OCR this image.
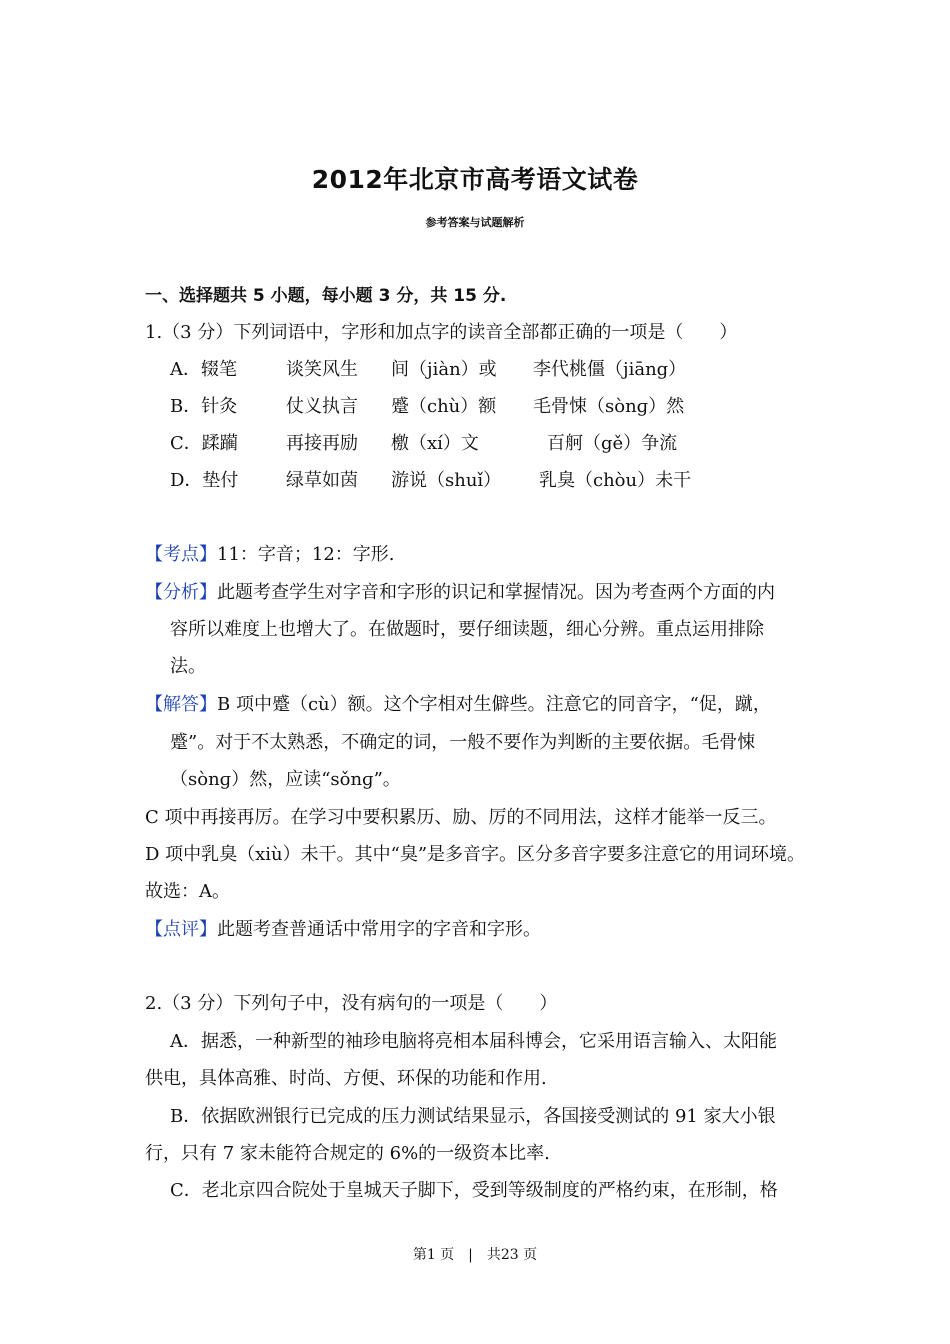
2012年北京市高考语文试卷
参考答案与试题解析
一、选择题共 5 小题，每小题 3 分，共 15 分.
1.（3 分）下列词语中，字形和加点字的读音全部都正确的一项是（　　）
A．辍笔	谈笑风生 间（jiàn）或 李代桃僵（jiāng）
B．针灸	仗义执言 蹙（chù）额 毛骨悚（sònɡ）然
C．蹂躏	再接再励 檄（xí）文	百舸（gě）争流
D．垫付	绿草如茵 游说（shuǐ） 乳臭（chòu）未干
【考点】11：字音；12：字形.
【分析】此题考查学生对字音和字形的识记和掌握情况。因为考查两个方面的内
容所以难度上也增大了。在做题时，要仔细读题，细心分辨。重点运用排除
法。
【解答】B 项中蹙（cù）额。这个字相对生僻些。注意它的同音字，“促，蹴，
蹙”。对于不太熟悉，不确定的词，一般不要作为判断的主要依据。毛骨悚
（sònɡ）然，应读“sǒnɡ”。
C 项中再接再厉。在学习中要积累历、励、厉的不同用法，这样才能举一反三。
D 项中乳臭（xiù）未干。其中“臭”是多音字。区分多音字要多注意它的用词环境。
故选：A。
【点评】此题考查普通话中常用字的字音和字形。
2.（3 分）下列句子中，没有病句的一项是（　　）
A．据悉，一种新型的袖珍电脑将亮相本届科博会，它采用语言输入、太阳能
供电，具体高雅、时尚、方便、环保的功能和作用.
B．依据欧洲银行已完成的压力测试结果显示，各国接受测试的 91 家大小银
行，只有 7 家未能符合规定的 6%的一级资本比率.
C．老北京四合院处于皇城天子脚下，受到等级制度的严格约束，在形制，格
第1 页　|　共23 页
